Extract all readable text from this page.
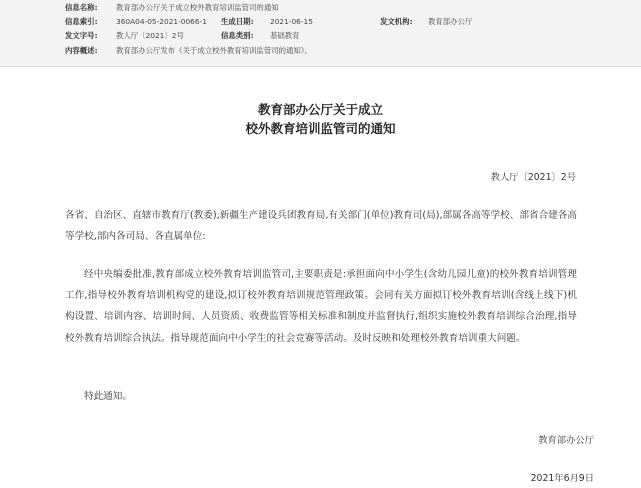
信息名称: 教育部办公厅关于成立校外教育培训监管司的通知
信息索引: 360A04-05-2021-0066-1 生成日期: 2021-06-15	发文机构: 教育部办公厅
发文字号: 教人厅〔2021〕2号	信息类别: 基础教育
内容概述: 教育部办公厅发布《关于成立校外教育培训监管司的通知》。
教育部办公厅关于成立
校外教育培训监管司的通知
教人厅〔2021〕2号
各省、自治区、直辖市教育厅(教委),新疆生产建设兵团教育局,有关部门(单位)教育司(局),部属各高等学校、部省合建各高等学校,部内各司局、各直属单位:
经中央编委批准,教育部成立校外教育培训监管司,主要职责是:承担面向中小学生(含幼儿园儿童)的校外教育培训管理工作,指导校外教育培训机构党的建设,拟订校外教育培训规范管理政策。会同有关方面拟订校外教育培训(含线上线下)机构设置、培训内容、培训时间、人员资质、收费监管等相关标准和制度并监督执行,组织实施校外教育培训综合治理,指导校外教育培训综合执法。指导规范面向中小学生的社会竞赛等活动。及时反映和处理校外教育培训重大问题。
特此通知。
教育部办公厅
2021年6月9日
